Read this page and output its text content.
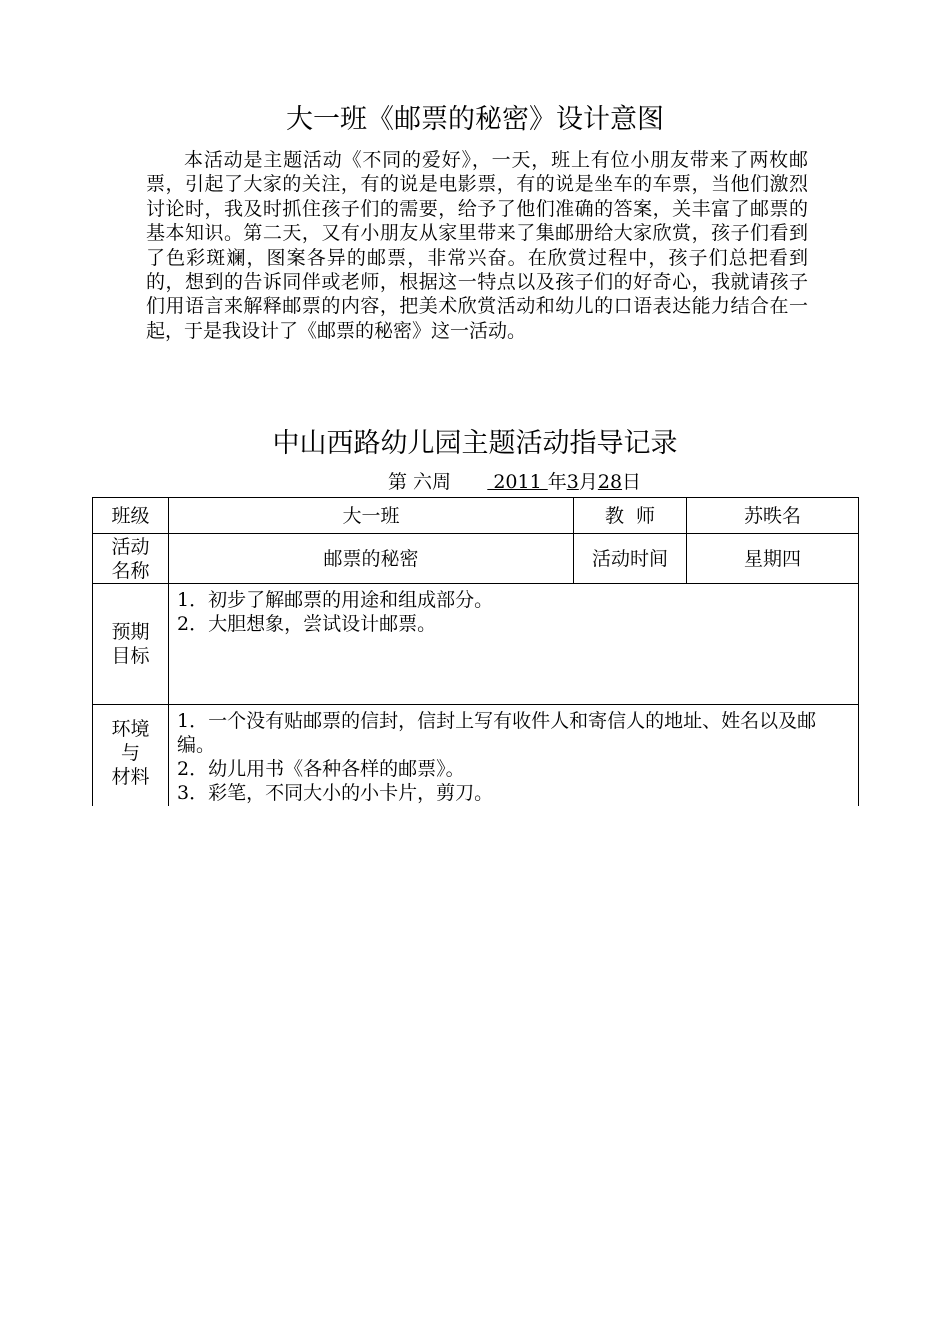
大一班《邮票的秘密》设计意图

本活动是主题活动《不同的爱好》，一天，班上有位小朋友带来了两枚邮票，引起了大家的关注，有的说是电影票，有的说是坐车的车票，当他们激烈讨论时，我及时抓住孩子们的需要，给予了他们准确的答案，关丰富了邮票的基本知识。第二天，又有小朋友从家里带来了集邮册给大家欣赏，孩子们看到了色彩斑斓，图案各异的邮票，非常兴奋。在欣赏过程中，孩子们总把看到的，想到的告诉同伴或老师，根据这一特点以及孩子们的好奇心，我就请孩子们用语言来解释邮票的内容，把美术欣赏活动和幼儿的口语表达能力结合在一起，于是我设计了《邮票的秘密》这一活动。

中山西路幼儿园主题活动指导记录
第 六周       2011 年3月28日
班级	大一班	教  师	苏昳名

活动
名称	邮票的秘密	活动时间	星期四

预期
目标	1．初步了解邮票的用途和组成部分。
2．大胆想象，尝试设计邮票。		

环境
与
材料	1．一个没有贴邮票的信封，信封上写有收件人和寄信人的地址、姓名以及邮编。
2．幼儿用书《各种各样的邮票》。
3．彩笔，不同大小的小卡片，剪刀。		
